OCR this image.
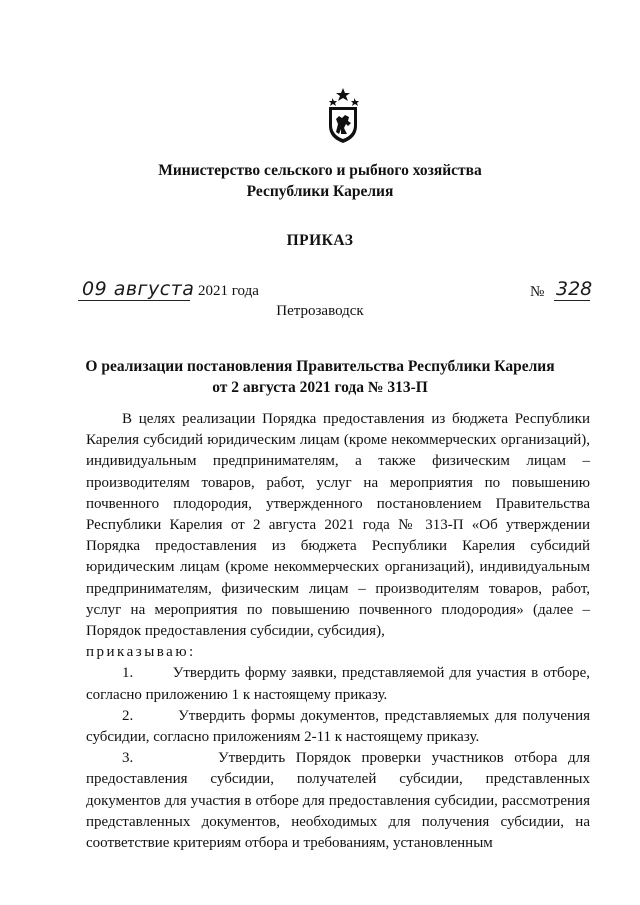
Министерство сельского и рыбного хозяйства
Республики Карелия
ПРИКАЗ
09 августа 2021 года	№ 328
Петрозаводск
О реализации постановления Правительства Республики Карелия
от 2 августа 2021 года № 313-П

В целях реализации Порядка предоставления из бюджета Республики Карелия субсидий юридическим лицам (кроме некоммерческих организаций), индивидуальным предпринимателям, а также физическим лицам – производителям товаров, работ, услуг на мероприятия по повышению почвенного плодородия, утвержденного постановлением Правительства Республики Карелия от 2 августа 2021 года № 313-П «Об утверждении Порядка предоставления из бюджета Республики Карелия субсидий юридическим лицам (кроме некоммерческих организаций), индивидуальным предпринимателям, физическим лицам – производителям товаров, работ, услуг на мероприятия по повышению почвенного плодородия» (далее – Порядок предоставления субсидии, субсидия),

приказываю:

1.	Утвердить форму заявки, представляемой для участия в отборе, согласно приложению 1 к настоящему приказу.

2.	Утвердить формы документов, представляемых для получения субсидии, согласно приложениям 2-11 к настоящему приказу.

3.	Утвердить Порядок проверки участников отбора для предоставления субсидии, получателей субсидии, представленных документов для участия в отборе для предоставления субсидии, рассмотрения представленных документов, необходимых для получения субсидии, на соответствие критериям отбора и требованиям, установленным
